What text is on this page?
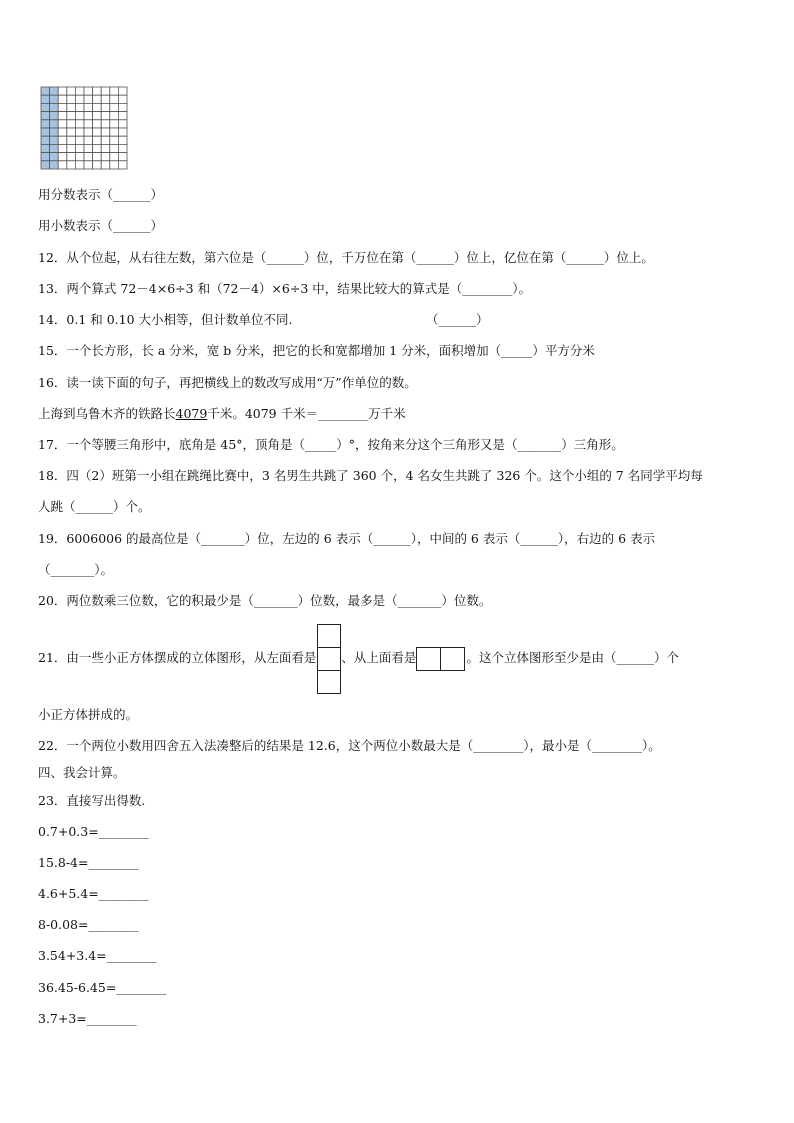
用分数表示（______）
用小数表示（______）
12．从个位起，从右往左数，第六位是（______）位，千万位在第（______）位上，亿位在第（______）位上。
13．两个算式 72－4×6÷3 和（72－4）×6÷3 中，结果比较大的算式是（________）。
14．0.1 和 0.10 大小相等，但计数单位不同.	（______）
15．一个长方形，长 a 分米，宽 b 分米，把它的长和宽都增加 1 分米，面积增加（_____）平方分米
16．读一读下面的句子，再把横线上的数改写成用“万”作单位的数。
上海到乌鲁木齐的铁路长4079千米。4079 千米＝________万千米
17．一个等腰三角形中，底角是 45°，顶角是（_____）°，按角来分这个三角形又是（_______）三角形。
18．四（2）班第一小组在跳绳比赛中，3 名男生共跳了 360 个，4 名女生共跳了 326 个。这个小组的 7 名同学平均每
人跳（______）个。
19．6006006 的最高位是（_______）位，左边的 6 表示（______），中间的 6 表示（______），右边的 6 表示
（_______）。
20．两位数乘三位数，它的积最少是（_______）位数，最多是（_______）位数。
21．由一些小正方体摆成的立体图形，从左面看是 、从上面看是	。这个立体图形至少是由（______）个
小正方体拼成的。
22．一个两位小数用四舍五入法凑整后的结果是 12.6，这个两位小数最大是（________），最小是（________）。
四、我会计算。
23．直接写出得数.
0.7+0.3=________
15.8-4=________
4.6+5.4=________
8-0.08=________
3.54+3.4=________
36.45-6.45=________
3.7+3=________
